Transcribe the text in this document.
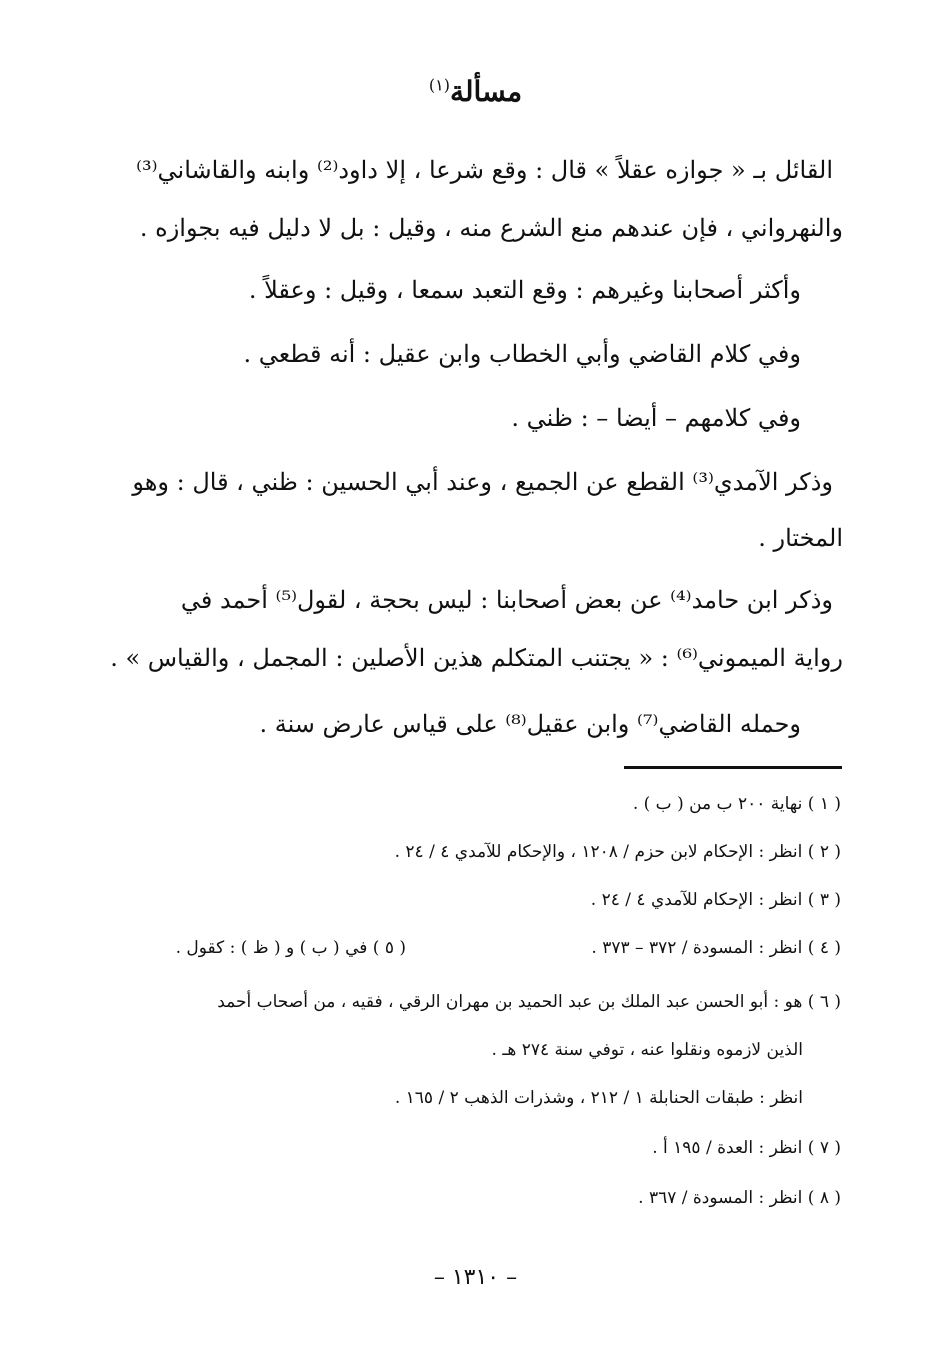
مسألة$^{(١)}$

القائل بـ « جوازه عقلاً » قال : وقع شرعا ، إلا داود⁽²⁾ وابنه والقاشاني⁽³⁾

والنهرواني ، فإن عندهم منع الشرع منه ، وقيل : بل لا دليل فيه بجوازه .

وأكثر أصحابنا وغيرهم : وقع التعبد سمعا ، وقيل : وعقلاً .

وفي كلام القاضي وأبي الخطاب وابن عقيل : أنه قطعي .

وفي كلامهم – أيضا – : ظني .

وذكر الآمدي⁽³⁾ القطع عن الجميع ، وعند أبي الحسين : ظني ، قال : وهو

المختار .

وذكر ابن حامد⁽⁴⁾ عن بعض أصحابنا : ليس بحجة ، لقول⁽⁵⁾ أحمد في

رواية الميموني⁽⁶⁾ : « يجتنب المتكلم هذين الأصلين : المجمل ، والقياس » .

وحمله القاضي⁽⁷⁾ وابن عقيل⁽⁸⁾ على قياس عارض سنة .

( ١ ) نهاية ٢٠٠ ب من ( ب ) .

( ٢ ) انظر : الإحكام لابن حزم / ١٢٠٨ ، والإحكام للآمدي ٤ / ٢٤ .

( ٣ ) انظر : الإحكام للآمدي ٤ / ٢٤ .

( ٤ ) انظر : المسودة / ٣٧٢ – ٣٧٣ .

( ٥ ) في ( ب ) و ( ظ ) : كقول .

( ٦ ) هو : أبو الحسن عبد الملك بن عبد الحميد بن مهران الرقي ، فقيه ، من أصحاب أحمد

الذين لازموه ونقلوا عنه ، توفي سنة ٢٧٤ هـ .

انظر : طبقات الحنابلة ١ / ٢١٢ ، وشذرات الذهب ٢ / ١٦٥ .

( ٧ ) انظر : العدة / ١٩٥ أ .

( ٨ ) انظر : المسودة / ٣٦٧ .

– ١٣١٠ –
